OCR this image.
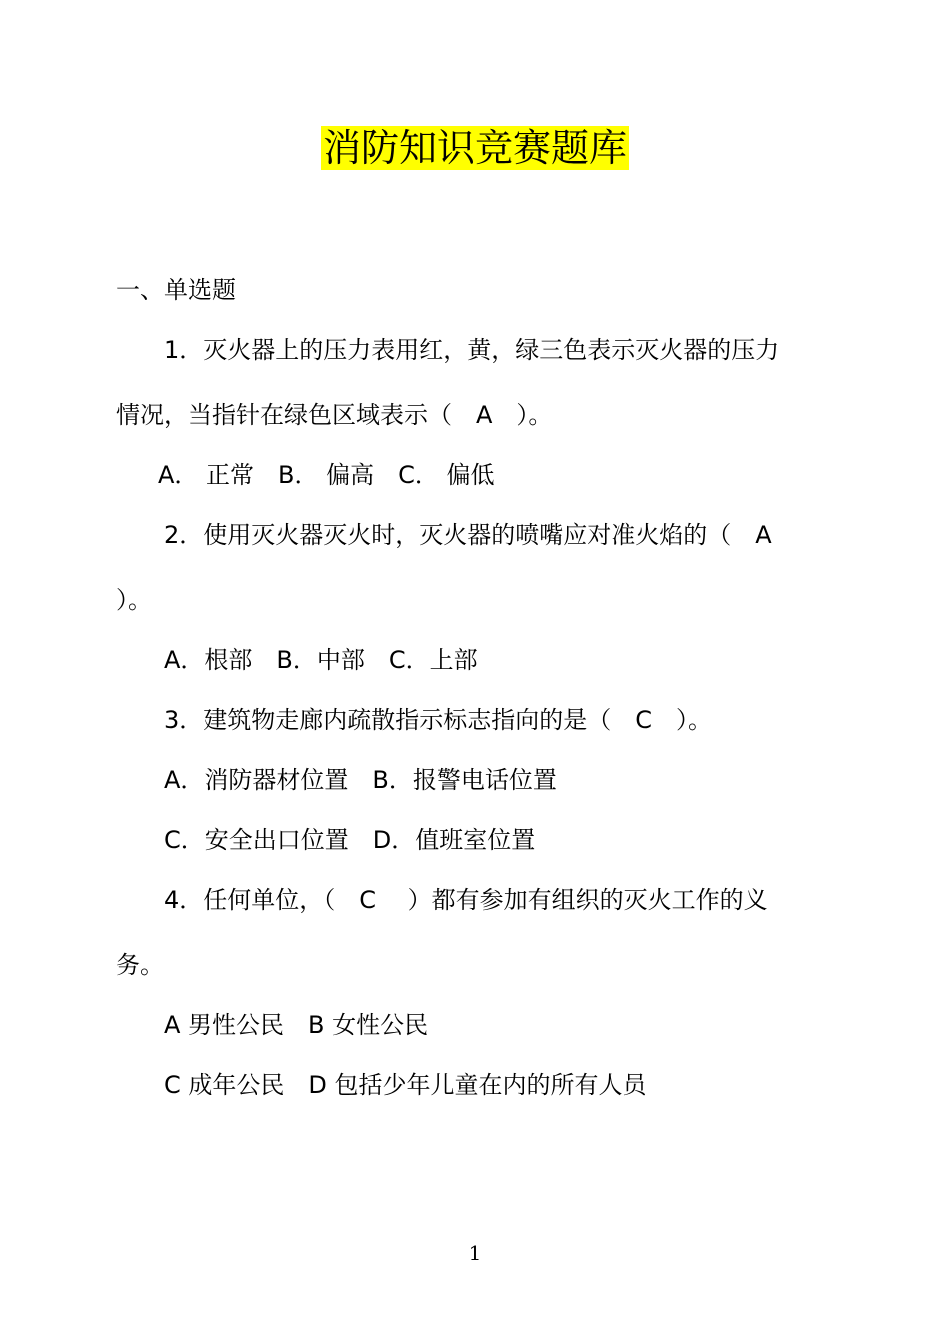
消防知识竞赛题库

一、单选题

1．灭火器上的压力表用红，黄，绿三色表示灭火器的压力

情况，当指针在绿色区域表示（　A　）。

A． 正常　B． 偏高　C． 偏低

2．使用灭火器灭火时，灭火器的喷嘴应对准火焰的（　A

）。

A．根部　B．中部　C．上部

3．建筑物走廊内疏散指示标志指向的是（　C　）。

A．消防器材位置　B．报警电话位置

C．安全出口位置　D．值班室位置

4．任何单位，（　C　 ）都有参加有组织的灭火工作的义

务。

A 男性公民　B 女性公民

C 成年公民　D 包括少年儿童在内的所有人员

1
